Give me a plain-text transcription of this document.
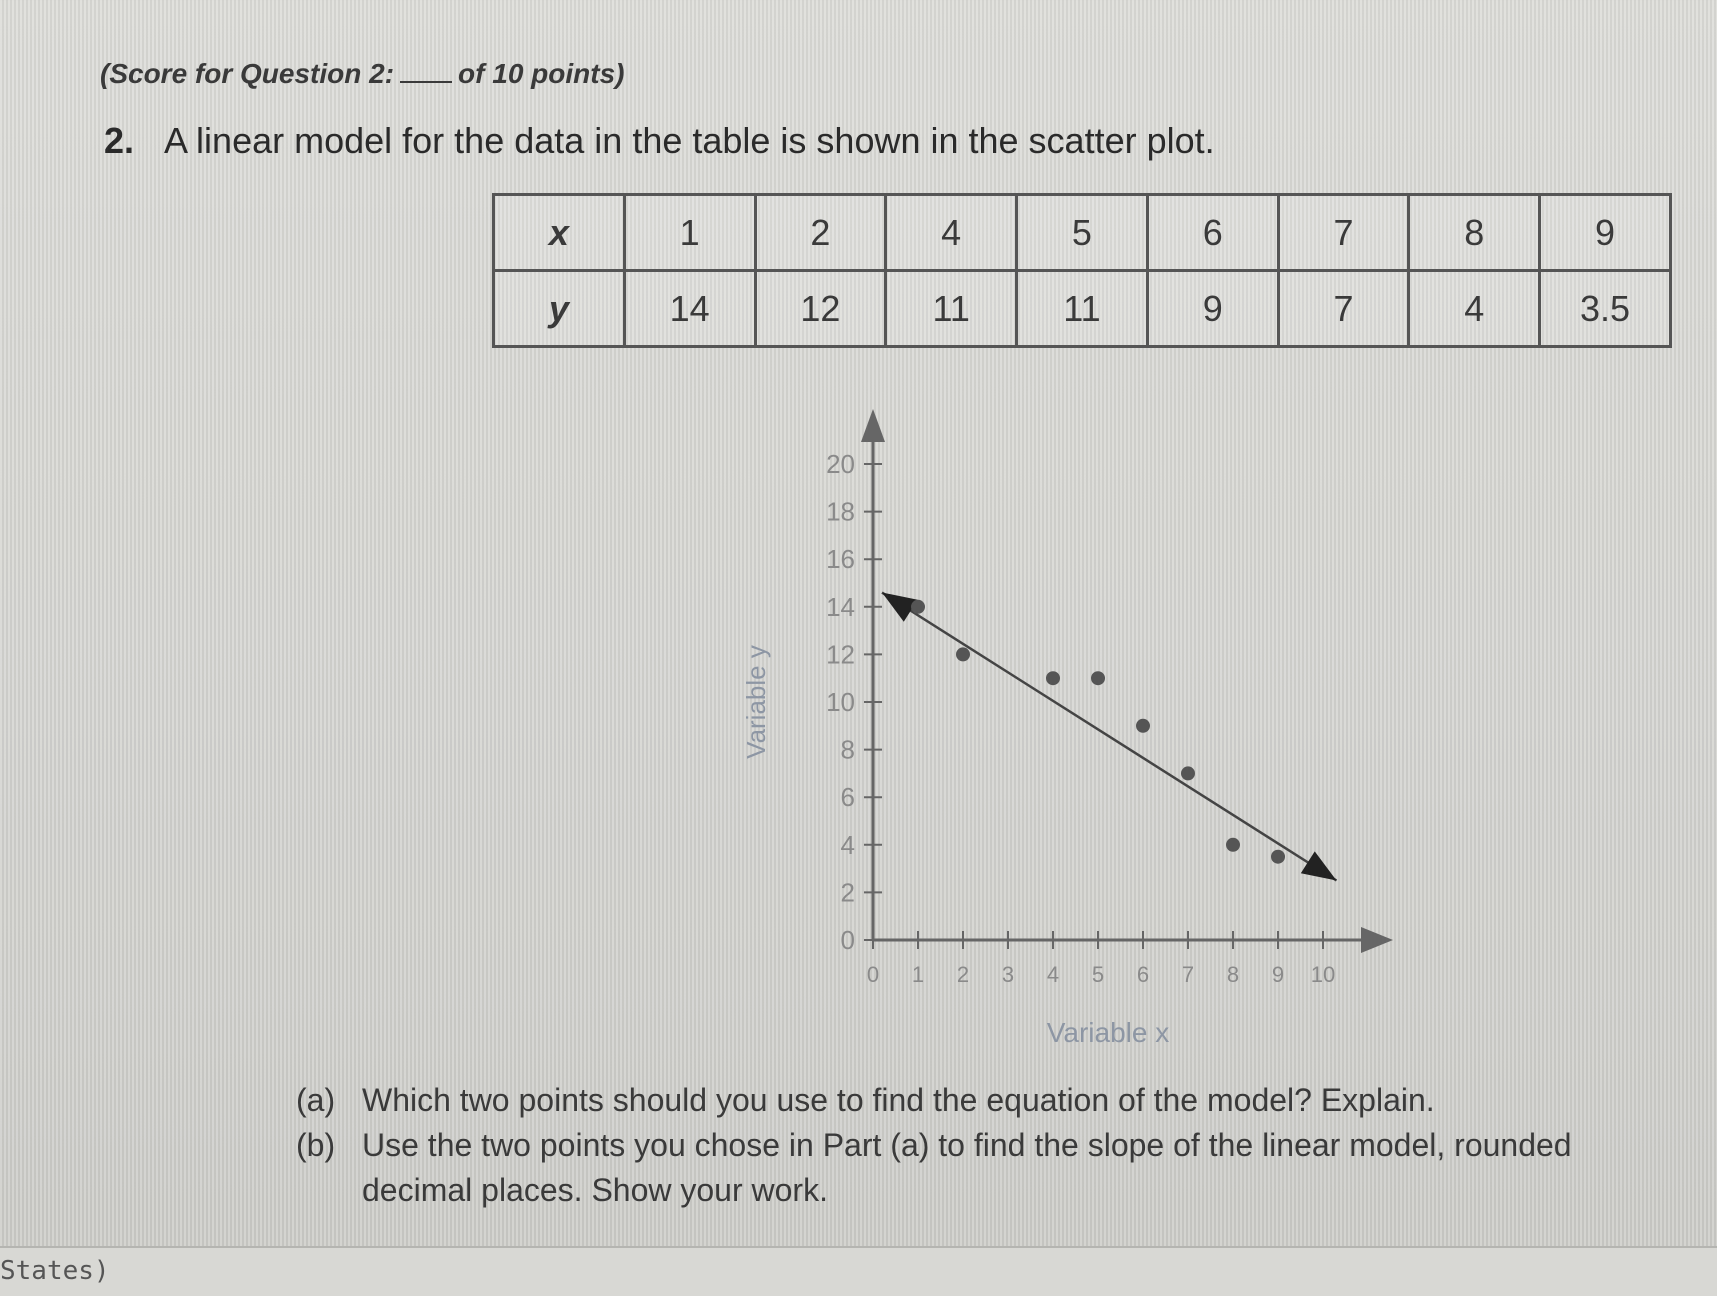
(Score for Question 2: of 10 points)
2. A linear model for the data in the table is shown in the scatter plot.
x	1	2	4	5	6	7	8	9
y	14	12	11	11	9	7	4	3.5
0 1 2 3 4 5 6 7 8 9 10
0
2
4
6
8
10
12
14
16
18
20
Variable x
Variable y
(a) Which two points should you use to find the equation of the model? Explain.
(b) Use the two points you chose in Part (a) to find the slope of the linear model, rounded
decimal places. Show your work.
States)
